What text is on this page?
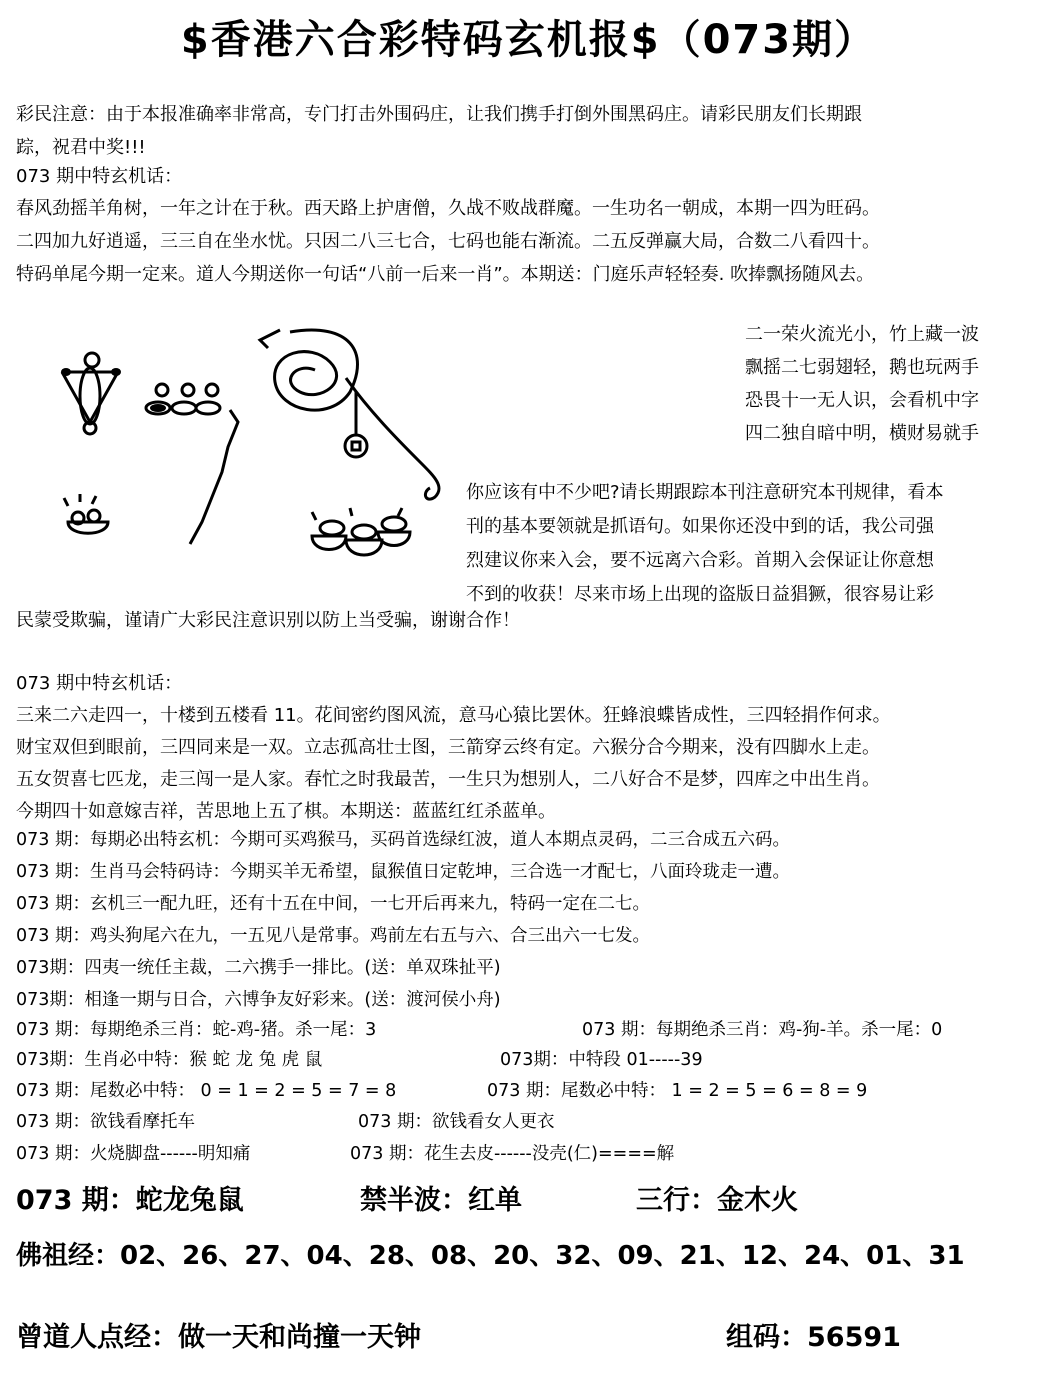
$香港六合彩特码玄机报$（073期）
彩民注意：由于本报准确率非常高，专门打击外围码庄，让我们携手打倒外围黑码庄。请彩民朋友们长期跟
踪，祝君中奖!!!
073 期中特玄机话：
春风劲摇羊角树，一年之计在于秋。西天路上护唐僧，久战不败战群魔。一生功名一朝成，本期一四为旺码。
二四加九好逍遥，三三自在坐水忧。只因二八三七合，七码也能右渐流。二五反弹赢大局，合数二八看四十。
特码单尾今期一定来。道人今期送你一句话“八前一后来一肖”。本期送：门庭乐声轻轻奏. 吹捧飘扬随风去。
二一荣火流光小，竹上藏一波
飘摇二七弱翅轻，鹅也玩两手
恐畏十一无人识，会看机中字
四二独自暗中明，横财易就手
你应该有中不少吧?请长期跟踪本刊注意研究本刊规律，看本
刊的基本要领就是抓语句。如果你还没中到的话，我公司强
烈建议你来入会，要不远离六合彩。首期入会保证让你意想
不到的收获！尽来市场上出现的盗版日益猖獗，很容易让彩
民蒙受欺骗，谨请广大彩民注意识别以防上当受骗，谢谢合作！
073 期中特玄机话：
三来二六走四一，十楼到五楼看 11。花间密约图风流，意马心猿比罢休。狂蜂浪蝶皆成性，三四轻捐作何求。
财宝双但到眼前，三四同来是一双。立志孤高壮士图，三箭穿云终有定。六猴分合今期来，没有四脚水上走。
五女贺喜七匹龙，走三闯一是人家。春忙之时我最苦，一生只为想别人，二八好合不是梦，四库之中出生肖。
今期四十如意嫁吉祥，苦思地上五了棋。本期送：蓝蓝红红杀蓝单。
073 期：每期必出特玄机：今期可买鸡猴马，买码首选绿红波，道人本期点灵码，二三合成五六码。
073 期：生肖马会特码诗：今期买羊无希望，鼠猴值日定乾坤，三合选一才配七，八面玲珑走一遭。
073 期：玄机三一配九旺，还有十五在中间，一七开后再来九，特码一定在二七。
073 期：鸡头狗尾六在九，一五见八是常事。鸡前左右五与六、合三出六一七发。
073期：四夷一统任主裁，二六携手一排比。(送：单双珠扯平)
073期：相逢一期与日合，六博争友好彩来。(送：渡河侯小舟)
073 期：每期绝杀三肖：蛇-鸡-猪。杀一尾：3	073 期：每期绝杀三肖：鸡-狗-羊。杀一尾：0
073期：生肖必中特：猴 蛇 龙 兔 虎 鼠	073期：中特段 01-----39
073 期：尾数必中特： 0 = 1 = 2 = 5 = 7 = 8	073 期：尾数必中特： 1 = 2 = 5 = 6 = 8 = 9
073 期：欲钱看摩托车	073 期：欲钱看女人更衣
073 期：火烧脚盘------明知痛	073 期：花生去皮------没壳(仁)====解
073 期：蛇龙兔鼠	禁半波：红单	三行：金木火
佛祖经：02、26、27、04、28、08、20、32、09、21、12、24、01、31
曾道人点经：做一天和尚撞一天钟	组码：56591
